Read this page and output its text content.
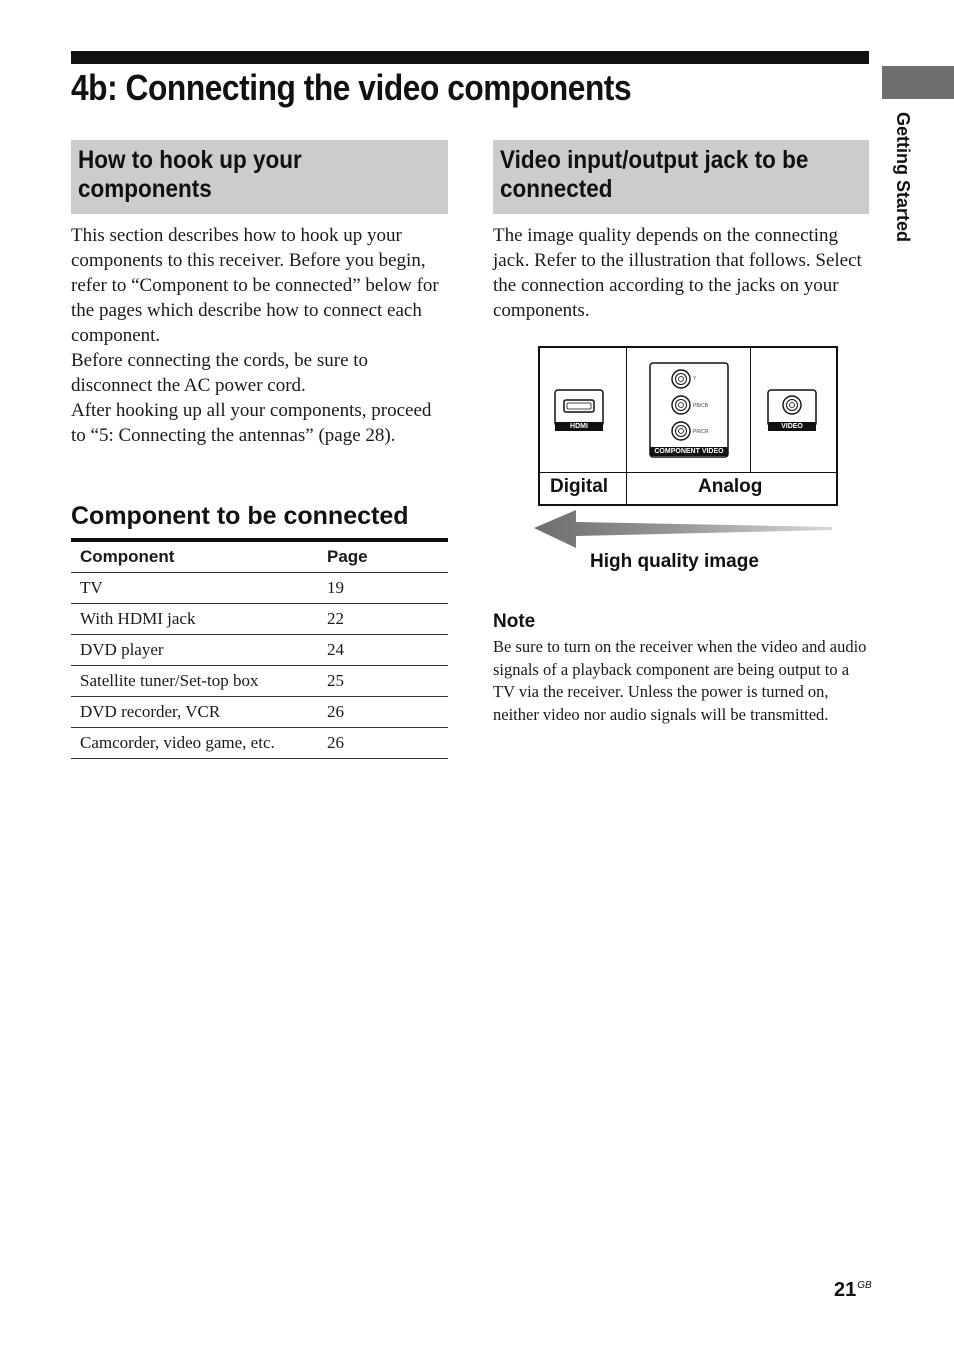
4b: Connecting the video components
Getting Started
How to hook up your components

This section describes how to hook up your components to this receiver. Before you begin, refer to “Component to be connected” below for the pages which describe how to connect each component.

Before connecting the cords, be sure to disconnect the AC power cord.

After hooking up all your components, proceed to “5: Connecting the antennas” (page 28).

Component to be connected
Component	Page
TV	19
With HDMI jack	22
DVD player	24
Satellite tuner/Set-top box	25
DVD recorder, VCR	26
Camcorder, video game, etc.	26
Video input/output jack to be connected

The image quality depends on the connecting jack. Refer to the illustration that follows. Select the connection according to the jacks on your components.

HDMI
Y
PB/CB
PR/CR
COMPONENT VIDEO
VIDEO
Digital	Analog
High quality image
Note
Be sure to turn on the receiver when the video and audio signals of a playback component are being output to a TV via the receiver. Unless the power is turned on, neither video nor audio signals will be transmitted.
$21^{GB}$
